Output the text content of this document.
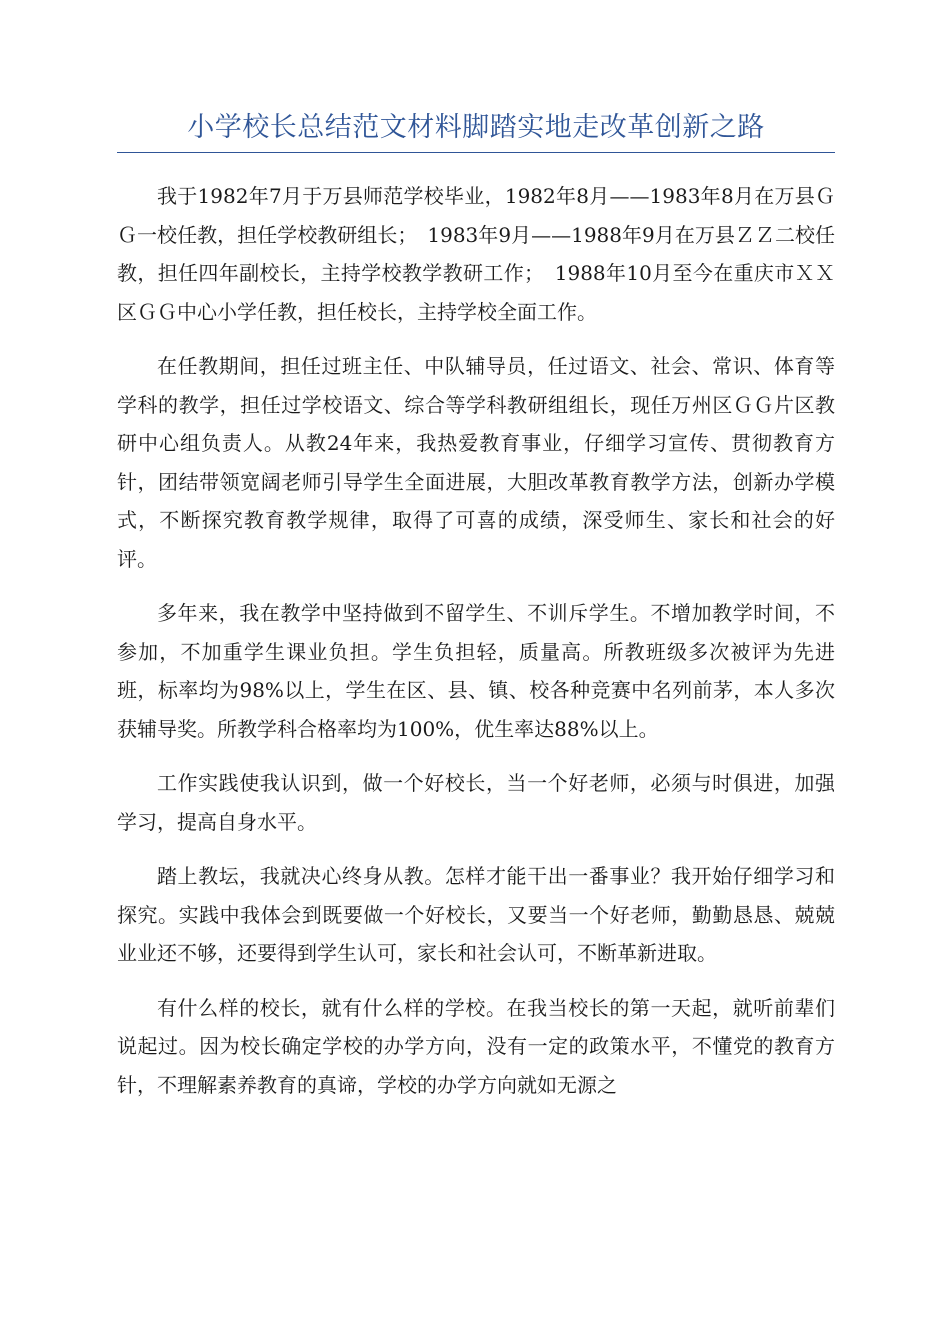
小学校长总结范文材料脚踏实地走改革创新之路

我于1982年7月于万县师范学校毕业，1982年8月——1983年8月在万县ＧＧ一校任教，担任学校教研组长；　1983年9月——1988年9月在万县ＺＺ二校任教，担任四年副校长，主持学校教学教研工作；　1988年10月至今在重庆市ＸＸ区ＧＧ中心小学任教，担任校长，主持学校全面工作。

在任教期间，担任过班主任、中队辅导员，任过语文、社会、常识、体育等学科的教学，担任过学校语文、综合等学科教研组组长，现任万州区ＧＧ片区教研中心组负责人。从教24年来，我热爱教育事业，仔细学习宣传、贯彻教育方针，团结带领宽阔老师引导学生全面进展，大胆改革教育教学方法，创新办学模式，不断探究教育教学规律，取得了可喜的成绩，深受师生、家长和社会的好评。

多年来，我在教学中坚持做到不留学生、不训斥学生。不增加教学时间，不参加，不加重学生课业负担。学生负担轻，质量高。所教班级多次被评为先进班，标率均为98%以上，学生在区、县、镇、校各种竞赛中名列前茅，本人多次获辅导奖。所教学科合格率均为100%，优生率达88%以上。

工作实践使我认识到，做一个好校长，当一个好老师，必须与时俱进，加强学习，提高自身水平。

踏上教坛，我就决心终身从教。怎样才能干出一番事业？我开始仔细学习和探究。实践中我体会到既要做一个好校长，又要当一个好老师，勤勤恳恳、兢兢业业还不够，还要得到学生认可，家长和社会认可，不断革新进取。

有什么样的校长，就有什么样的学校。在我当校长的第一天起，就听前辈们说起过。因为校长确定学校的办学方向，没有一定的政策水平，不懂党的教育方针，不理解素养教育的真谛，学校的办学方向就如无源之
